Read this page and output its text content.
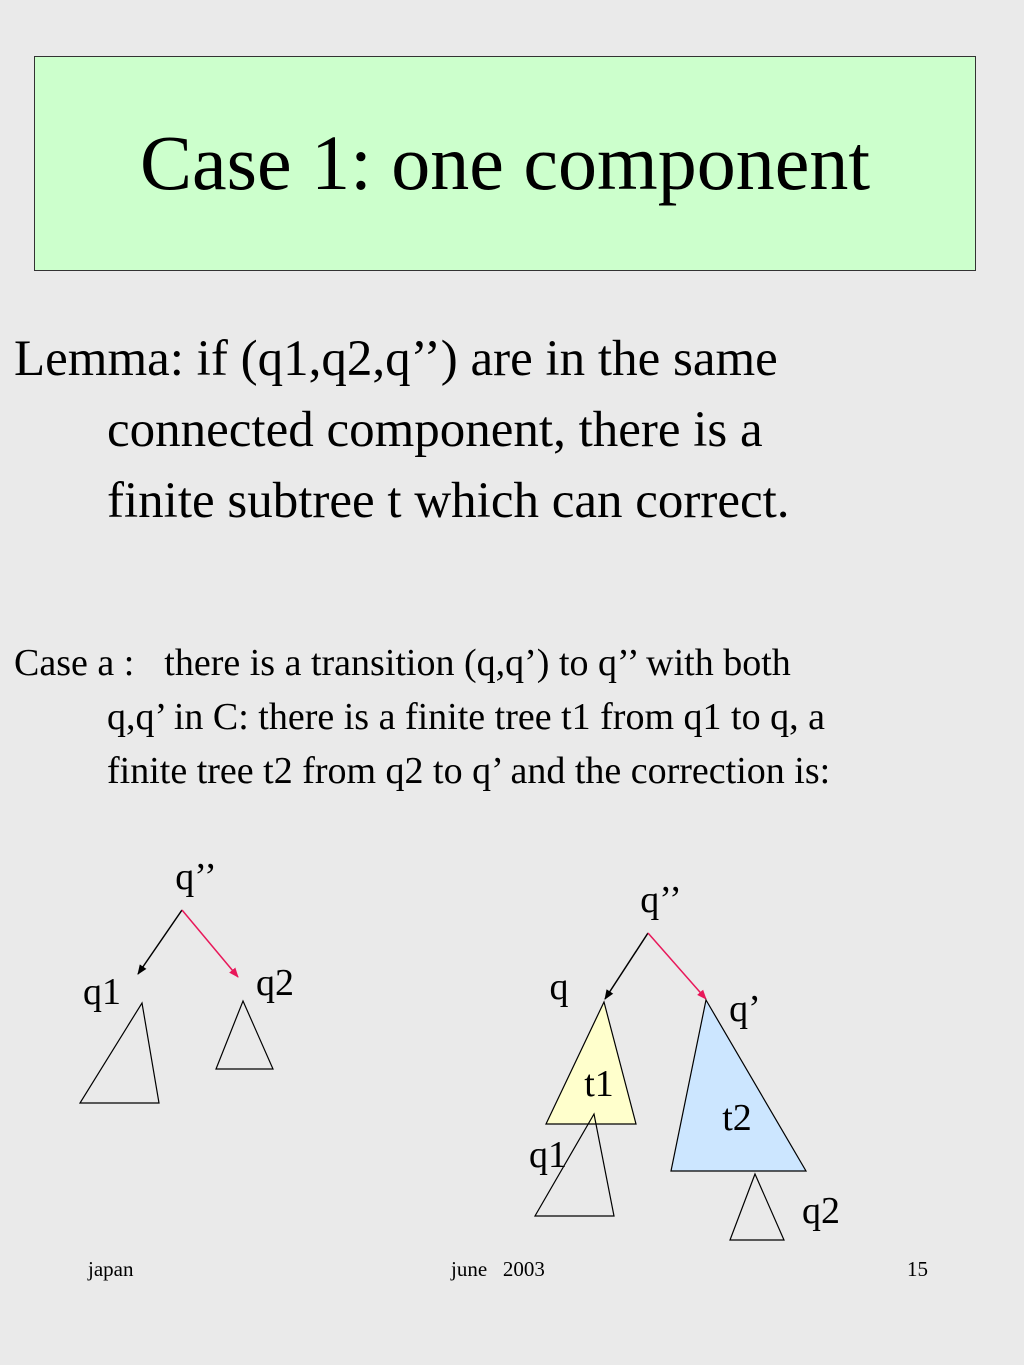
Case 1: one component
Lemma: if (q1,q2,q’’) are in the same
connected component, there is a
finite subtree t which can correct.
Case a : there is a transition (q,q’) to q’’ with both
q,q’ in C: there is a finite tree t1 from q1 to q, a
finite tree t2 from q2 to q’ and the correction is:
q’’
q1	q2
q’’
q
q’
t1
t2
q1
q2
japan	june   2003	15
